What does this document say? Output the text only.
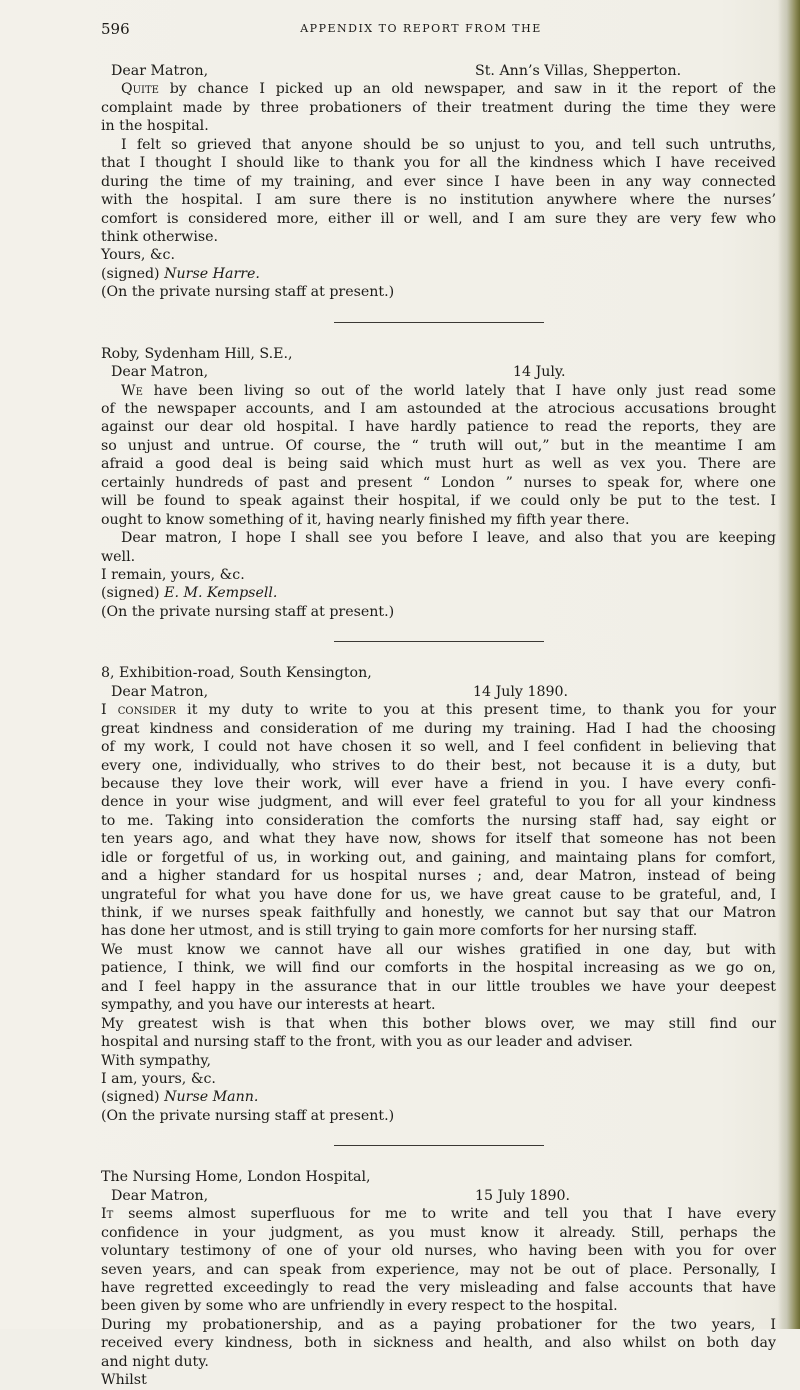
596	APPENDIX TO REPORT FROM THE
Dear Matron,	St. Ann’s Villas, Shepperton.
Quite by chance I picked up an old newspaper, and saw in it the report of the
complaint made by three probationers of their treatment during the time they were
in the hospital.
I felt so grieved that anyone should be so unjust to you, and tell such untruths,
that I thought I should like to thank you for all the kindness which I have received
during the time of my training, and ever since I have been in any way connected
with the hospital. I am sure there is no institution anywhere where the nurses’
comfort is considered more, either ill or well, and I am sure they are very few who
think otherwise.
Yours, &c.
(signed) Nurse Harre.
(On the private nursing staff at present.)
Roby, Sydenham Hill, S.E.,
Dear Matron,	14 July.
We have been living so out of the world lately that I have only just read some
of the newspaper accounts, and I am astounded at the atrocious accusations brought
against our dear old hospital. I have hardly patience to read the reports, they are
so unjust and untrue. Of course, the “ truth will out,” but in the meantime I am
afraid a good deal is being said which must hurt as well as vex you. There are
certainly hundreds of past and present “ London ” nurses to speak for, where one
will be found to speak against their hospital, if we could only be put to the test. I
ought to know something of it, having nearly finished my fifth year there.
Dear matron, I hope I shall see you before I leave, and also that you are keeping
well.
I remain, yours, &c.
(signed) E. M. Kempsell.
(On the private nursing staff at present.)
8, Exhibition-road, South Kensington,
Dear Matron,	14 July 1890.
I consider it my duty to write to you at this present time, to thank you for your
great kindness and consideration of me during my training. Had I had the choosing
of my work, I could not have chosen it so well, and I feel confident in believing that
every one, individually, who strives to do their best, not because it is a duty, but
because they love their work, will ever have a friend in you. I have every confi-
dence in your wise judgment, and will ever feel grateful to you for all your kindness
to me. Taking into consideration the comforts the nursing staff had, say eight or
ten years ago, and what they have now, shows for itself that someone has not been
idle or forgetful of us, in working out, and gaining, and maintaing plans for comfort,
and a higher standard for us hospital nurses ; and, dear Matron, instead of being
ungrateful for what you have done for us, we have great cause to be grateful, and, I
think, if we nurses speak faithfully and honestly, we cannot but say that our Matron
has done her utmost, and is still trying to gain more comforts for her nursing staff.
We must know we cannot have all our wishes gratified in one day, but with
patience, I think, we will find our comforts in the hospital increasing as we go on,
and I feel happy in the assurance that in our little troubles we have your deepest
sympathy, and you have our interests at heart.
My greatest wish is that when this bother blows over, we may still find our
hospital and nursing staff to the front, with you as our leader and adviser.
With sympathy,
I am, yours, &c.
(signed) Nurse Mann.
(On the private nursing staff at present.)
The Nursing Home, London Hospital,
Dear Matron,	15 July 1890.
It seems almost superfluous for me to write and tell you that I have every
confidence in your judgment, as you must know it already. Still, perhaps the
voluntary testimony of one of your old nurses, who having been with you for over
seven years, and can speak from experience, may not be out of place. Personally, I
have regretted exceedingly to read the very misleading and false accounts that have
been given by some who are unfriendly in every respect to the hospital.
During my probationership, and as a paying probationer for the two years, I
received every kindness, both in sickness and health, and also whilst on both day
and night duty.
Whilst
